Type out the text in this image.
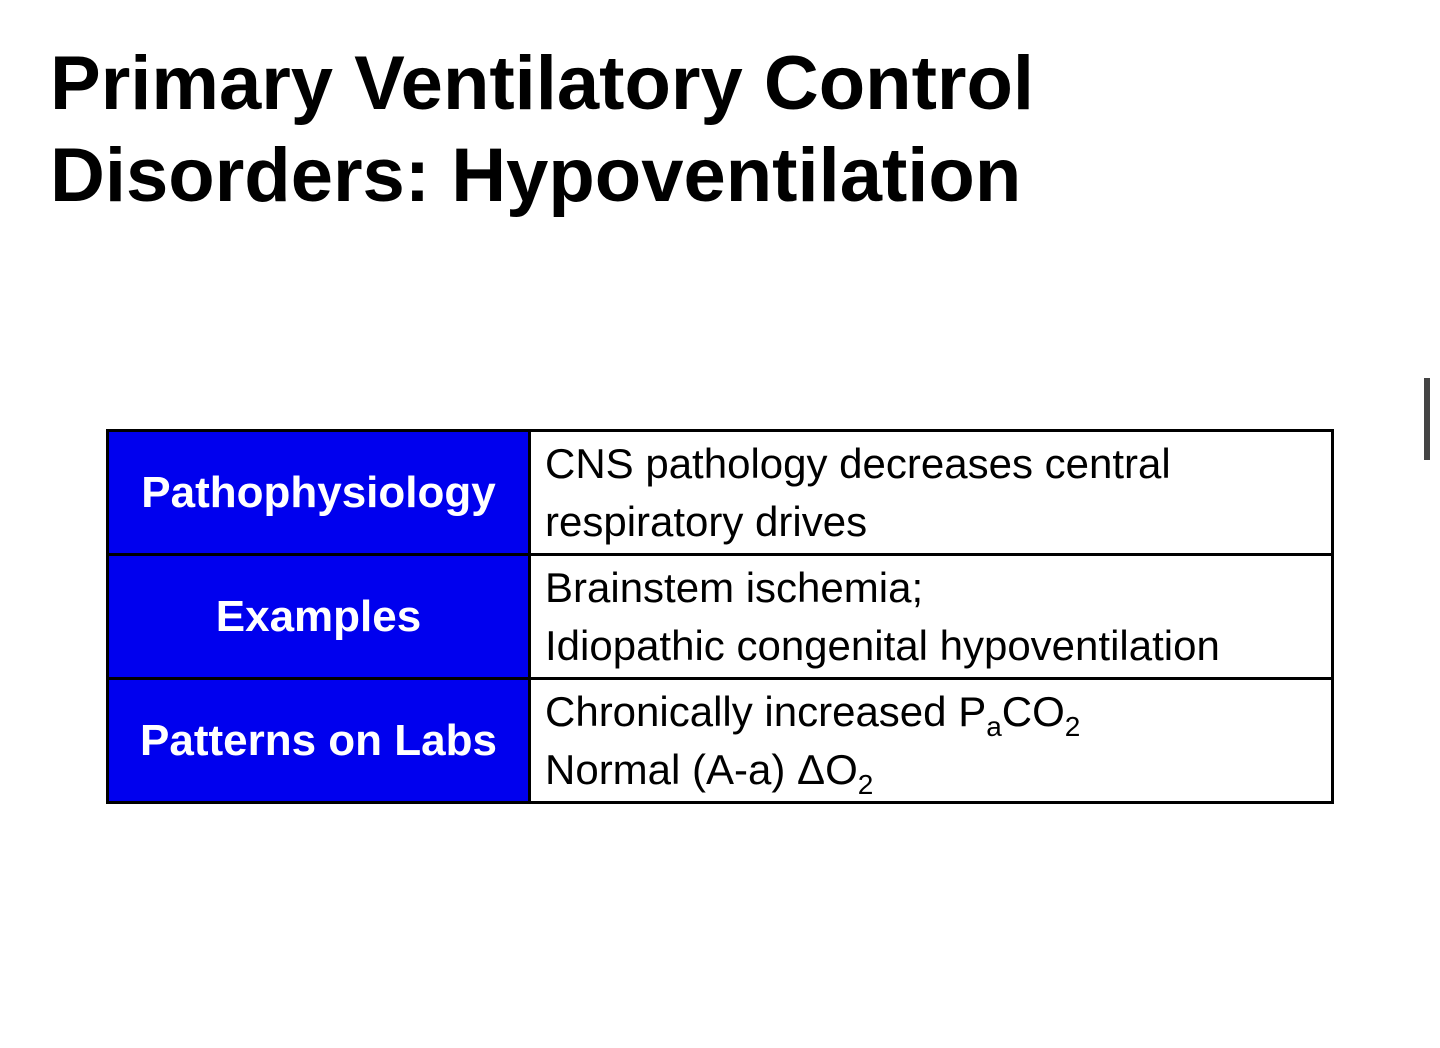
Primary Ventilatory Control
Disorders: Hypoventilation
Pathophysiology	CNS pathology decreases central
respiratory drives

Examples	Brainstem ischemia;
Idiopathic congenital hypoventilation

Patterns on Labs	Chronically increased $P_aCO_2$
Normal (A-a) $\Delta O_2$
